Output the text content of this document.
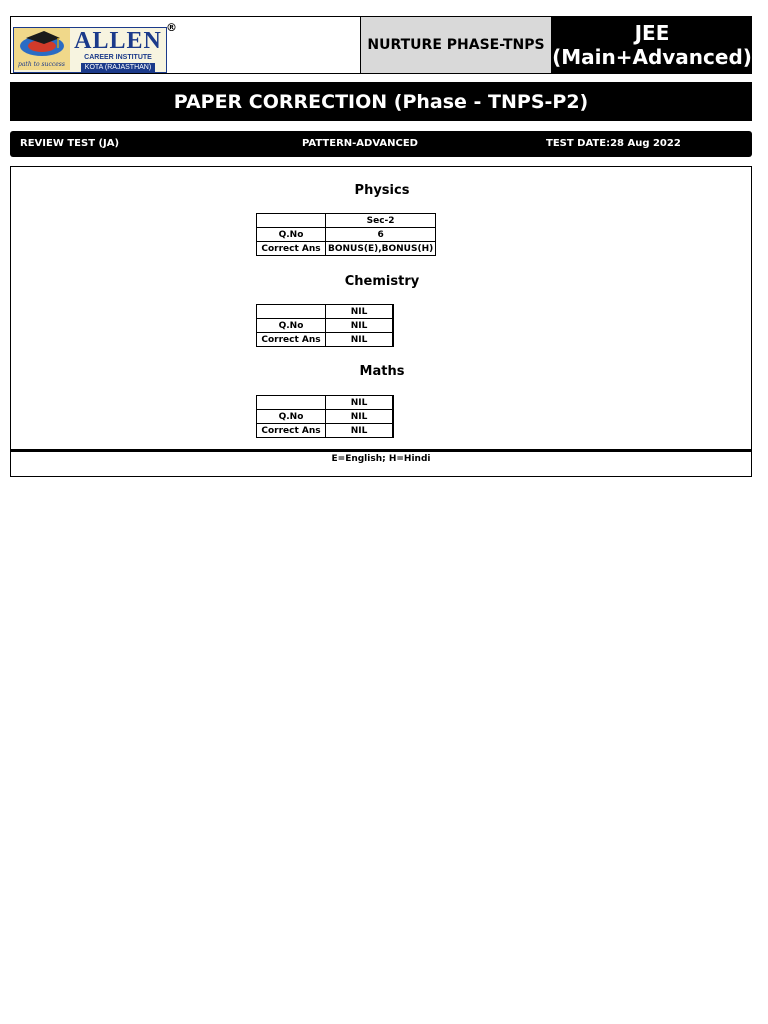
path to success
ALLEN
CAREER INSTITUTE
KOTA (RAJASTHAN)
®
NURTURE PHASE-TNPS	JEE
(Main+Advanced)
PAPER CORRECTION (Phase - TNPS-P2)
REVIEW TEST (JA)	PATTERN-ADVANCED	TEST DATE:28 Aug 2022
Physics
	Sec-2
Q.No	6
Correct Ans	BONUS(E),BONUS(H)
Chemistry
	NIL
Q.No	NIL
Correct Ans	NIL
Maths
	NIL
Q.No	NIL
Correct Ans	NIL
E=English; H=Hindi
